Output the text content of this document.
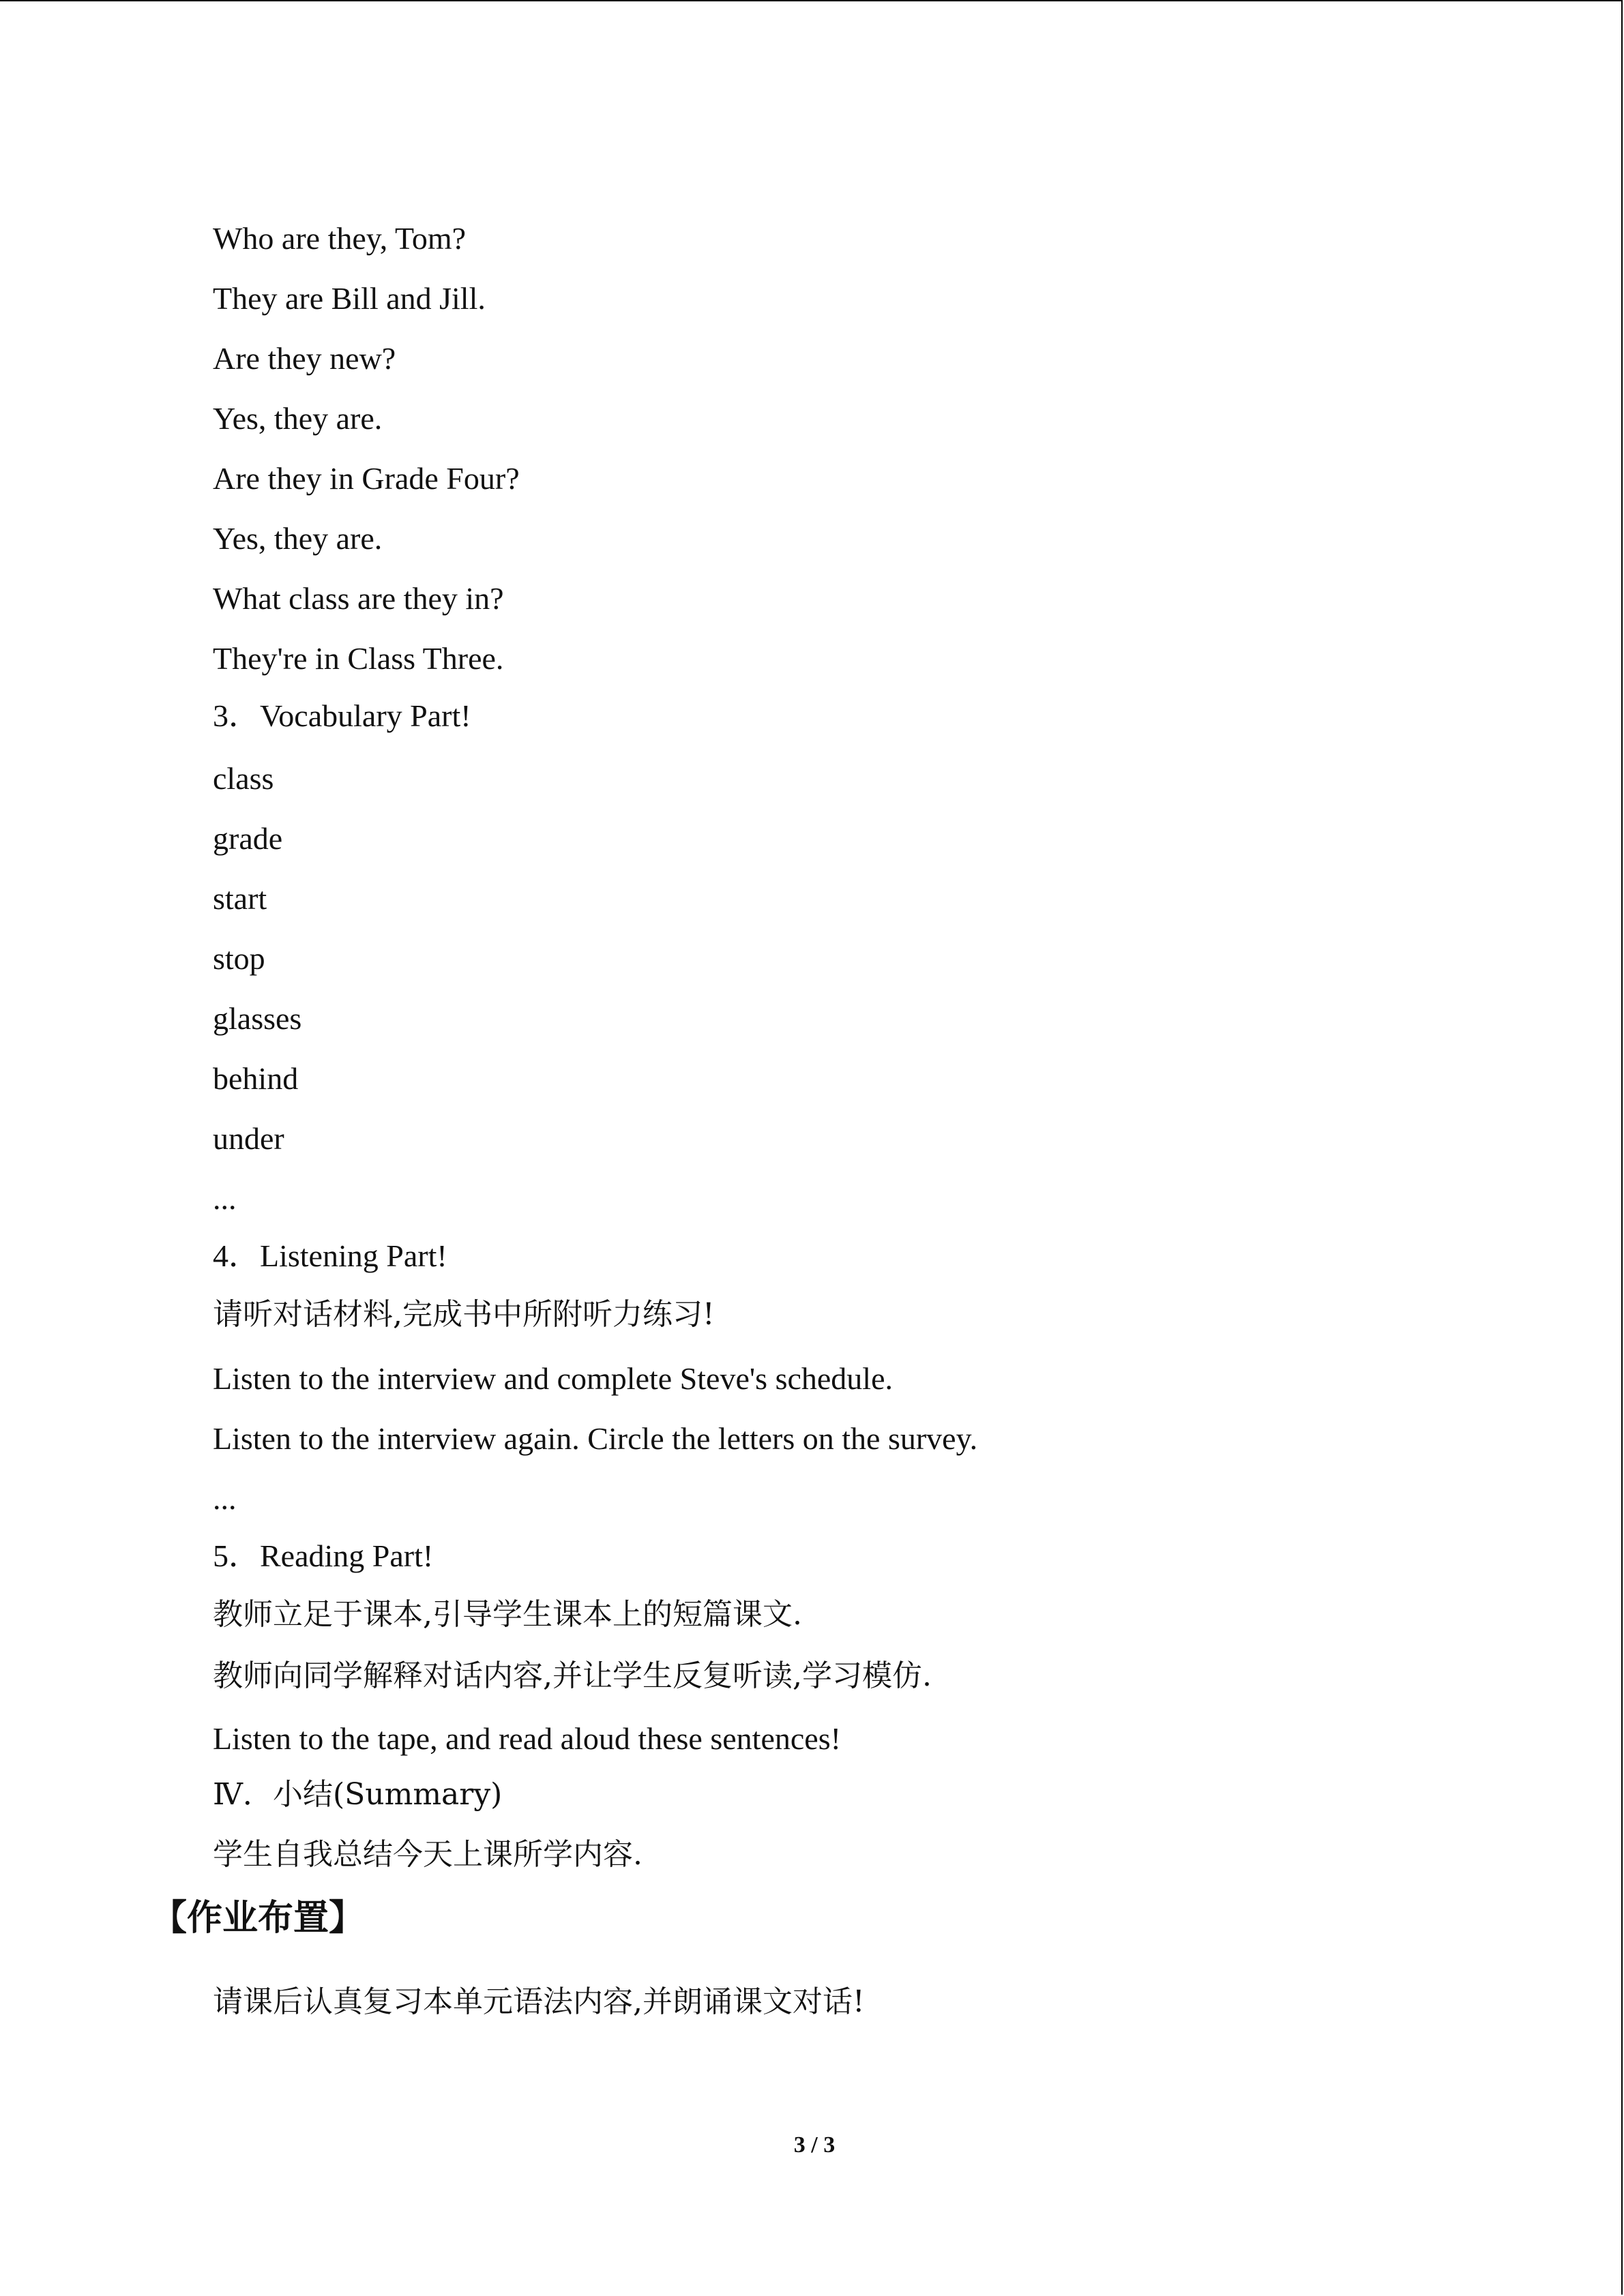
Who are they, Tom?
They are Bill and Jill.
Are they new?
Yes, they are.
Are they in Grade Four?
Yes, they are.
What class are they in?
They're in Class Three.
3．Vocabulary Part!
class
grade
start
stop
glasses
behind
under
...
4．Listening Part!
请听对话材料,完成书中所附听力练习!
Listen to the interview and complete Steve's schedule.
Listen to the interview again. Circle the letters on the survey.
...
5．Reading Part!
教师立足于课本,引导学生课本上的短篇课文.
教师向同学解释对话内容,并让学生反复听读,学习模仿.
Listen to the tape, and read aloud these sentences!
Ⅳ．小结(Summary)
学生自我总结今天上课所学内容.
【作业布置】
请课后认真复习本单元语法内容,并朗诵课文对话!
3 / 3
